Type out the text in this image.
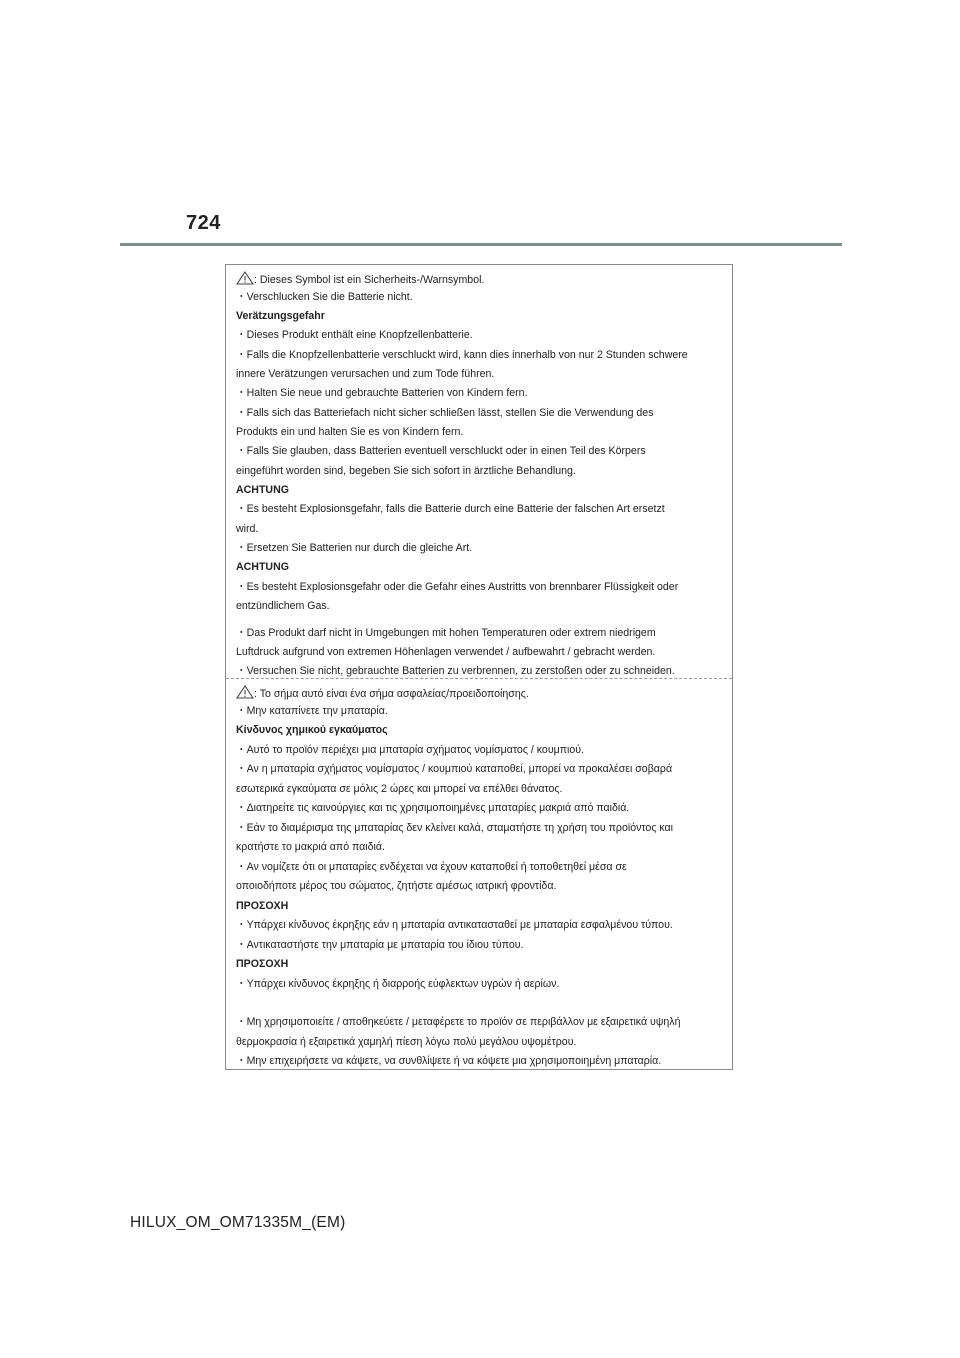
724
: Dieses Symbol ist ein Sicherheits-/Warnsymbol.
・Verschlucken Sie die Batterie nicht.
Verätzungsgefahr
・Dieses Produkt enthält eine Knopfzellenbatterie.
・Falls die Knopfzellenbatterie verschluckt wird, kann dies innerhalb von nur 2 Stunden schwere
innere Verätzungen verursachen und zum Tode führen.
・Halten Sie neue und gebrauchte Batterien von Kindern fern.
・Falls sich das Batteriefach nicht sicher schließen lässt, stellen Sie die Verwendung des
Produkts ein und halten Sie es von Kindern fern.
・Falls Sie glauben, dass Batterien eventuell verschluckt oder in einen Teil des Körpers
eingeführt worden sind, begeben Sie sich sofort in ärztliche Behandlung.
ACHTUNG
・Es besteht Explosionsgefahr, falls die Batterie durch eine Batterie der falschen Art ersetzt
wird.
・Ersetzen Sie Batterien nur durch die gleiche Art.
ACHTUNG
・Es besteht Explosionsgefahr oder die Gefahr eines Austritts von brennbarer Flüssigkeit oder
entzündlichem Gas.
・Das Produkt darf nicht in Umgebungen mit hohen Temperaturen oder extrem niedrigem
Luftdruck aufgrund von extremen Höhenlagen verwendet / aufbewahrt / gebracht werden.
・Versuchen Sie nicht, gebrauchte Batterien zu verbrennen, zu zerstoßen oder zu schneiden.
: Το σήμα αυτό είναι ένα σήμα ασφαλείας/προειδοποίησης.
・Μην καταπίνετε την μπαταρία.
Κίνδυνος χημικού εγκαύματος
・Αυτό το προϊόν περιέχει μια μπαταρία σχήματος νομίσματος / κουμπιού.
・Αν η μπαταρία σχήματος νομίσματος / κουμπιού καταποθεί, μπορεί να προκαλέσει σοβαρά
εσωτερικά εγκαύματα σε μόλις 2 ώρες και μπορεί να επέλθει θάνατος.
・Διατηρείτε τις καινούργιες και τις χρησιμοποιημένες μπαταρίες μακριά από παιδιά.
・Εάν το διαμέρισμα της μπαταρίας δεν κλείνει καλά, σταματήστε τη χρήση του προϊόντος και
κρατήστε το μακριά από παιδιά.
・Αν νομίζετε ότι οι μπαταρίες ενδέχεται να έχουν καταποθεί ή τοποθετηθεί μέσα σε
οποιοδήποτε μέρος του σώματος, ζητήστε αμέσως ιατρική φροντίδα.
ΠΡΟΣΟΧΗ
・Υπάρχει κίνδυνος έκρηξης εάν η μπαταρία αντικατασταθεί με μπαταρία εσφαλμένου τύπου.
・Αντικαταστήστε την μπαταρία με μπαταρία του ίδιου τύπου.
ΠΡΟΣΟΧΗ
・Υπάρχει κίνδυνος έκρηξης ή διαρροής εύφλεκτων υγρών ή αερίων.
・Μη χρησιμοποιείτε / αποθηκεύετε / μεταφέρετε το προϊόν σε περιβάλλον με εξαιρετικά υψηλή
θερμοκρασία ή εξαιρετικά χαμηλή πίεση λόγω πολύ μεγάλου υψομέτρου.
・Μην επιχειρήσετε να κάψετε, να συνθλίψετε ή να κόψετε μια χρησιμοποιημένη μπαταρία.
HILUX_OM_OM71335M_(EM)
